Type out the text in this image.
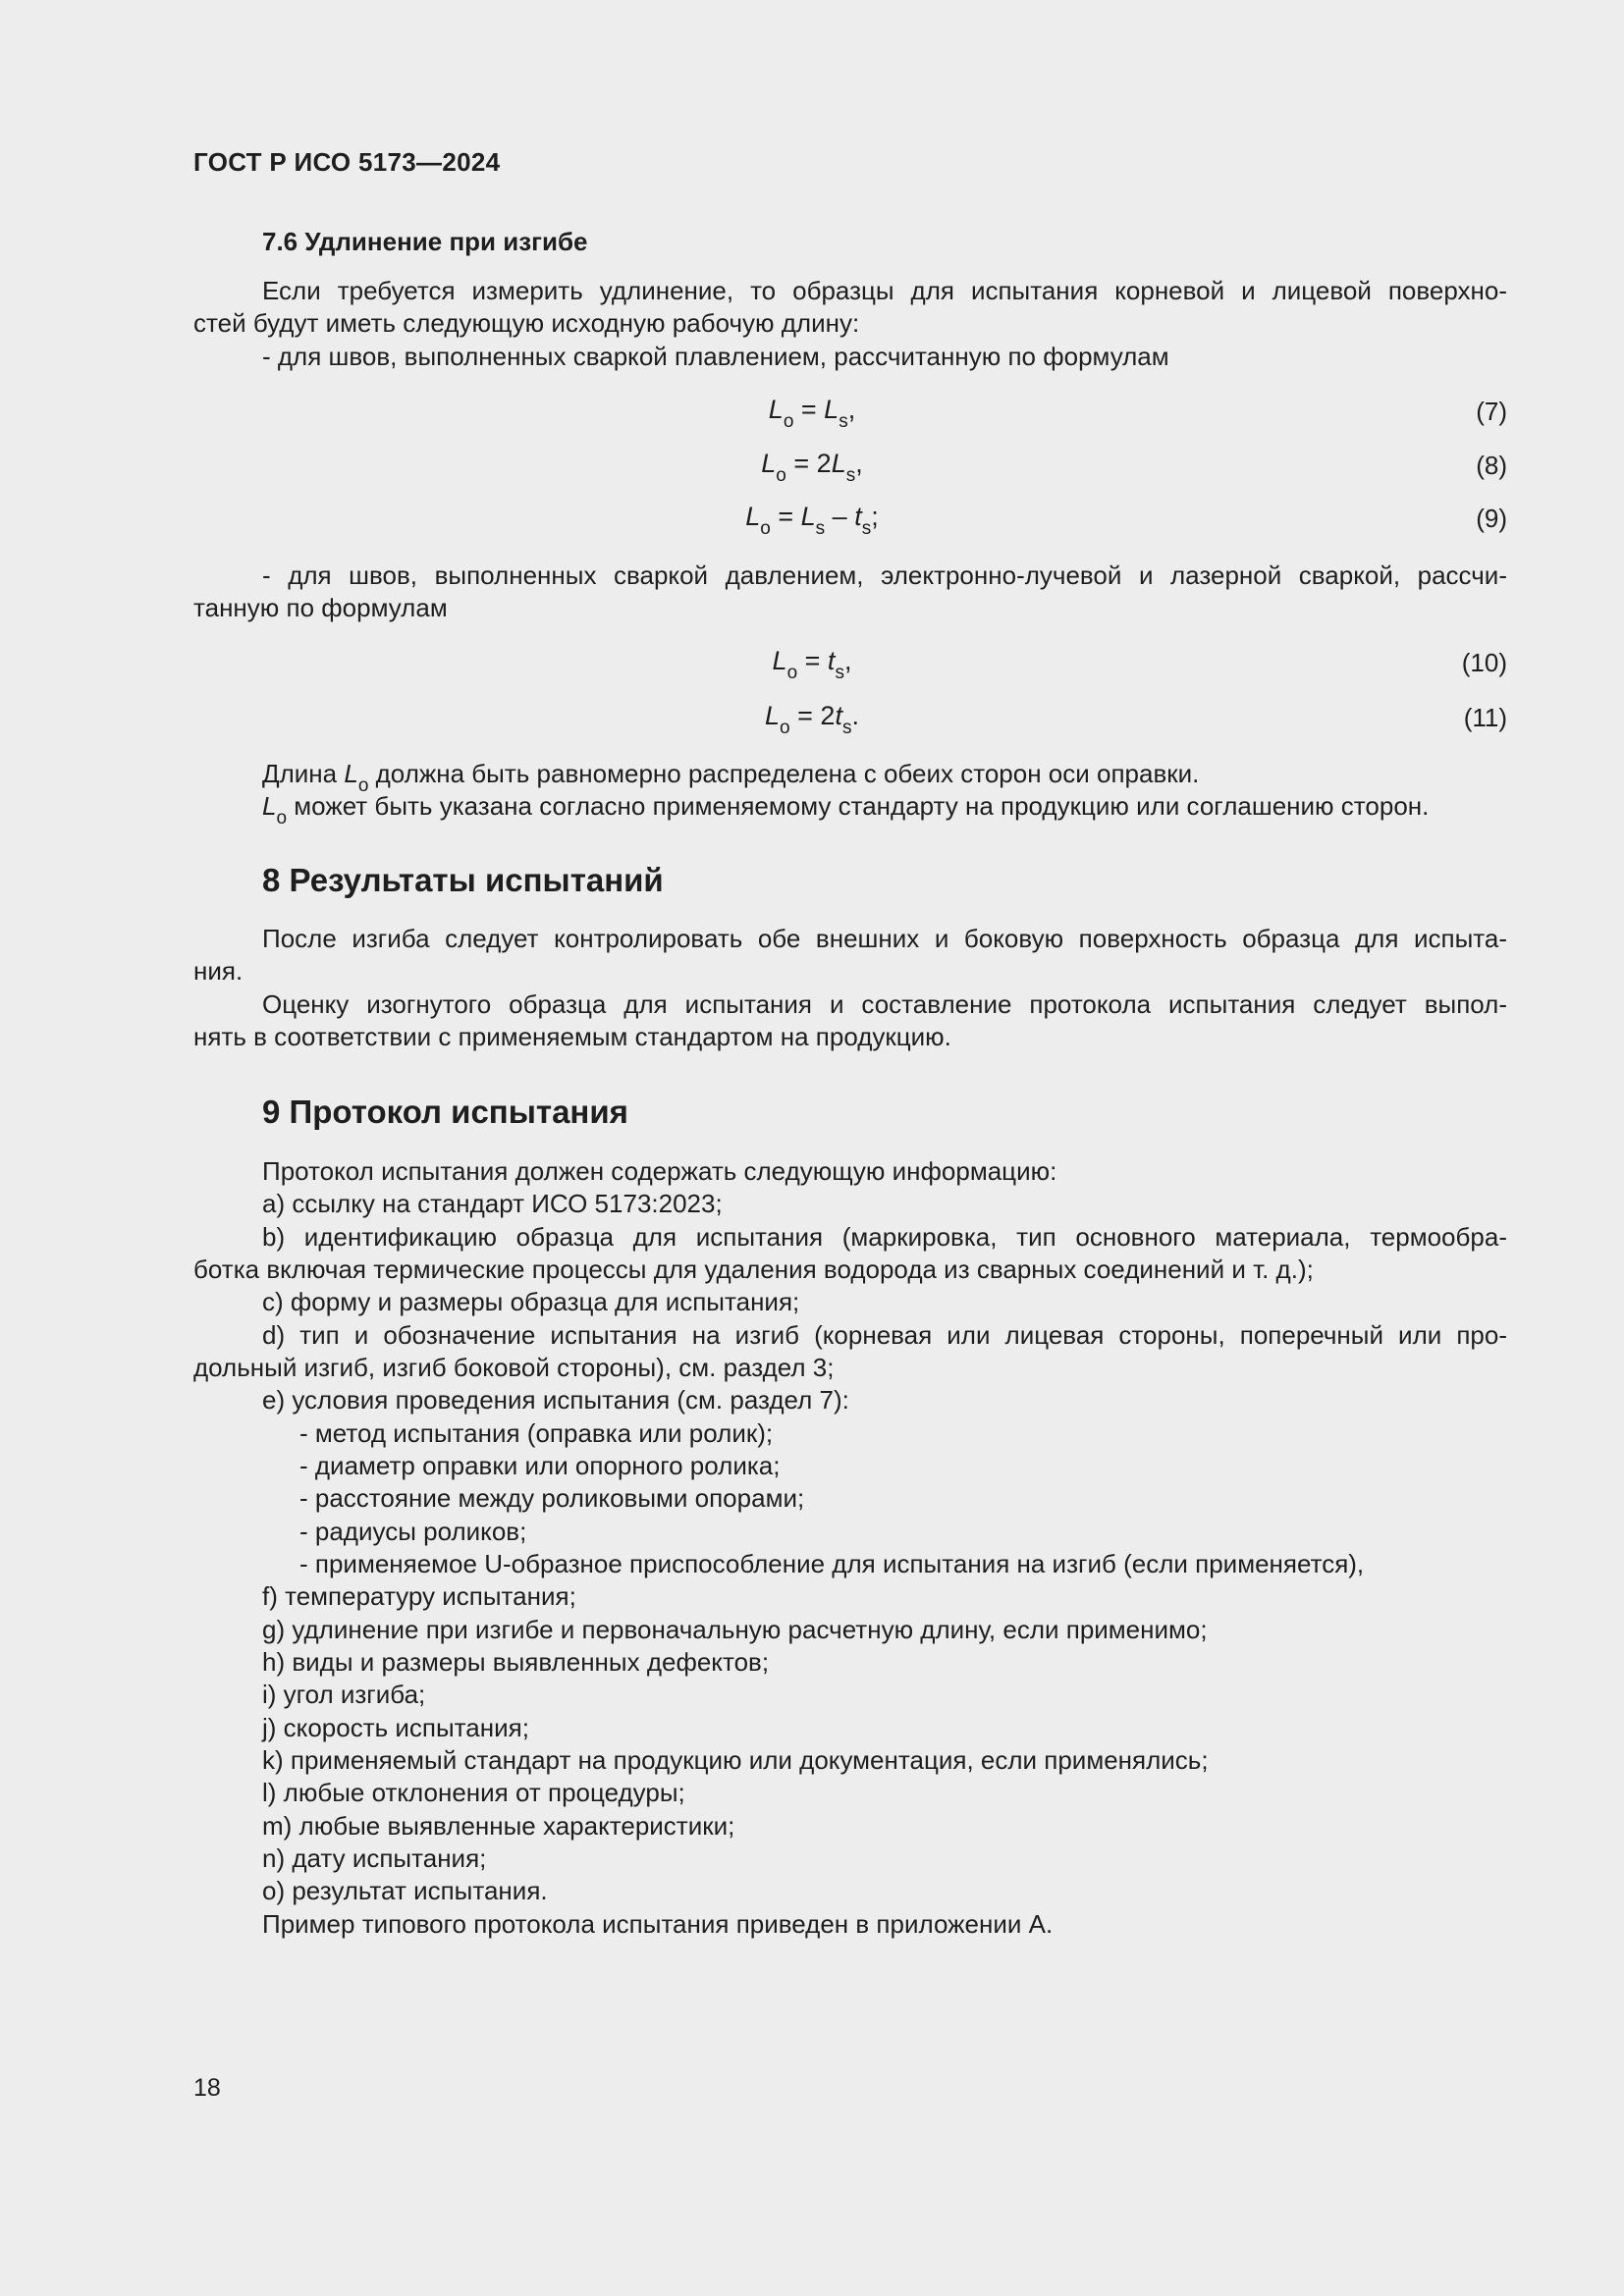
ГОСТ Р ИСО 5173—2024
7.6 Удлинение при изгибе
Если требуется измерить удлинение, то образцы для испытания корневой и лицевой поверхно-
стей будут иметь следующую исходную рабочую длину:
- для швов, выполненных сваркой плавлением, рассчитанную по формулам
$L_o = L_s$,	(7)
$L_o = 2L_s$,	(8)
$L_o = L_s - t_s$;	(9)
- для швов, выполненных сваркой давлением, электронно-лучевой и лазерной сваркой, рассчи-
танную по формулам
$L_o = t_s$,	(10)
$L_o = 2t_s$.	(11)
Длина $L_o$ должна быть равномерно распределена с обеих сторон оси оправки.
$L_o$ может быть указана согласно применяемому стандарту на продукцию или соглашению сторон.
8 Результаты испытаний
После изгиба следует контролировать обе внешних и боковую поверхность образца для испыта-
ния.
Оценку изогнутого образца для испытания и составление протокола испытания следует выпол-
нять в соответствии с применяемым стандартом на продукцию.
9 Протокол испытания
Протокол испытания должен содержать следующую информацию:
a) ссылку на стандарт ИСО 5173:2023;
b) идентификацию образца для испытания (маркировка, тип основного материала, термообра-
ботка включая термические процессы для удаления водорода из сварных соединений и т. д.);
c) форму и размеры образца для испытания;
d) тип и обозначение испытания на изгиб (корневая или лицевая стороны, поперечный или про-
дольный изгиб, изгиб боковой стороны), см. раздел 3;
e) условия проведения испытания (см. раздел 7):
- метод испытания (оправка или ролик);
- диаметр оправки или опорного ролика;
- расстояние между роликовыми опорами;
- радиусы роликов;
- применяемое U-образное приспособление для испытания на изгиб (если применяется),
f) температуру испытания;
g) удлинение при изгибе и первоначальную расчетную длину, если применимо;
h) виды и размеры выявленных дефектов;
i) угол изгиба;
j) скорость испытания;
k) применяемый стандарт на продукцию или документация, если применялись;
l) любые отклонения от процедуры;
m) любые выявленные характеристики;
n) дату испытания;
o) результат испытания.
Пример типового протокола испытания приведен в приложении А.
18
